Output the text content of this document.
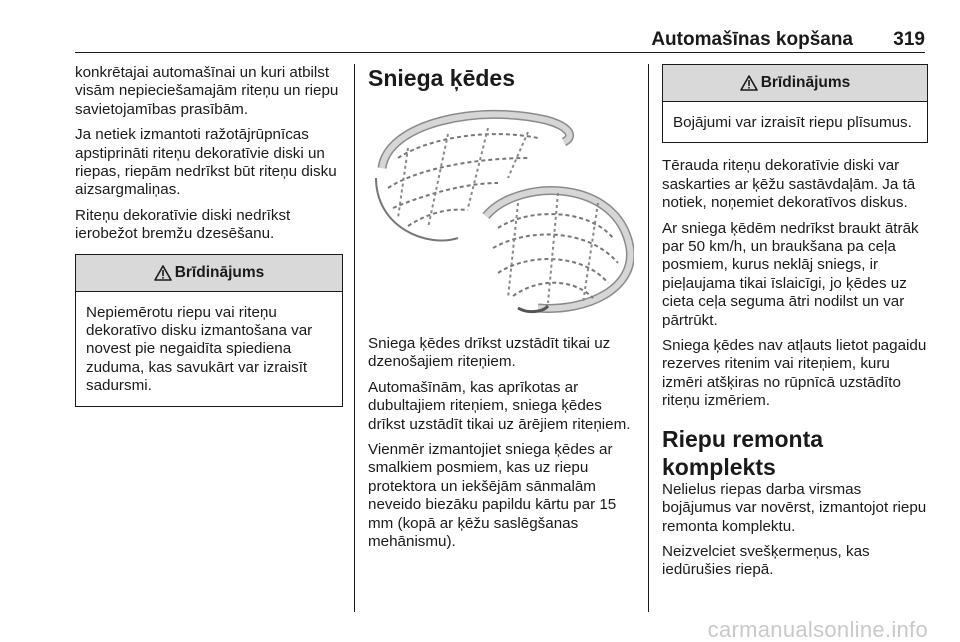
Automašīnas kopšana 319

konkrētajai automašīnai un kuri atbilst visām nepieciešamajām riteņu un riepu savietojamības prasībām.

Ja netiek izmantoti ražotājrūpnīcas apstiprināti riteņu dekoratīvie diski un riepas, riepām nedrīkst būt riteņu disku aizsargmaliņas.

Riteņu dekoratīvie diski nedrīkst ierobežot bremžu dzesēšanu.

Brīdinājums

Nepiemērotu riepu vai riteņu dekoratīvo disku izmantošana var novest pie negaidīta spiediena zuduma, kas savukārt var izraisīt sadursmi.

Sniega ķēdes

Sniega ķēdes drīkst uzstādīt tikai uz dzenošajiem riteņiem.

Automašīnām, kas aprīkotas ar dubultajiem riteņiem, sniega ķēdes drīkst uzstādīt tikai uz ārējiem riteņiem.

Vienmēr izmantojiet sniega ķēdes ar smalkiem posmiem, kas uz riepu protektora un iekšējām sānmalām neveido biezāku papildu kārtu par 15 mm (kopā ar ķēžu saslēgšanas mehānismu).

Brīdinājums

Bojājumi var izraisīt riepu plīsumus.

Tērauda riteņu dekoratīvie diski var saskarties ar ķēžu sastāvdaļām. Ja tā notiek, noņemiet dekoratīvos diskus.

Ar sniega ķēdēm nedrīkst braukt ātrāk par 50 km/h, un braukšana pa ceļa posmiem, kurus neklāj sniegs, ir pieļaujama tikai īslaicīgi, jo ķēdes uz cieta ceļa seguma ātri nodilst un var pārtrūkt.

Sniega ķēdes nav atļauts lietot pagaidu rezerves ritenim vai riteņiem, kuru izmēri atšķiras no rūpnīcā uzstādīto riteņu izmēriem.

Riepu remonta komplekts

Nelielus riepas darba virsmas bojājumus var novērst, izmantojot riepu remonta komplektu.

Neizvelciet svešķermeņus, kas iedūrušies riepā.

carmanualsonline.info
